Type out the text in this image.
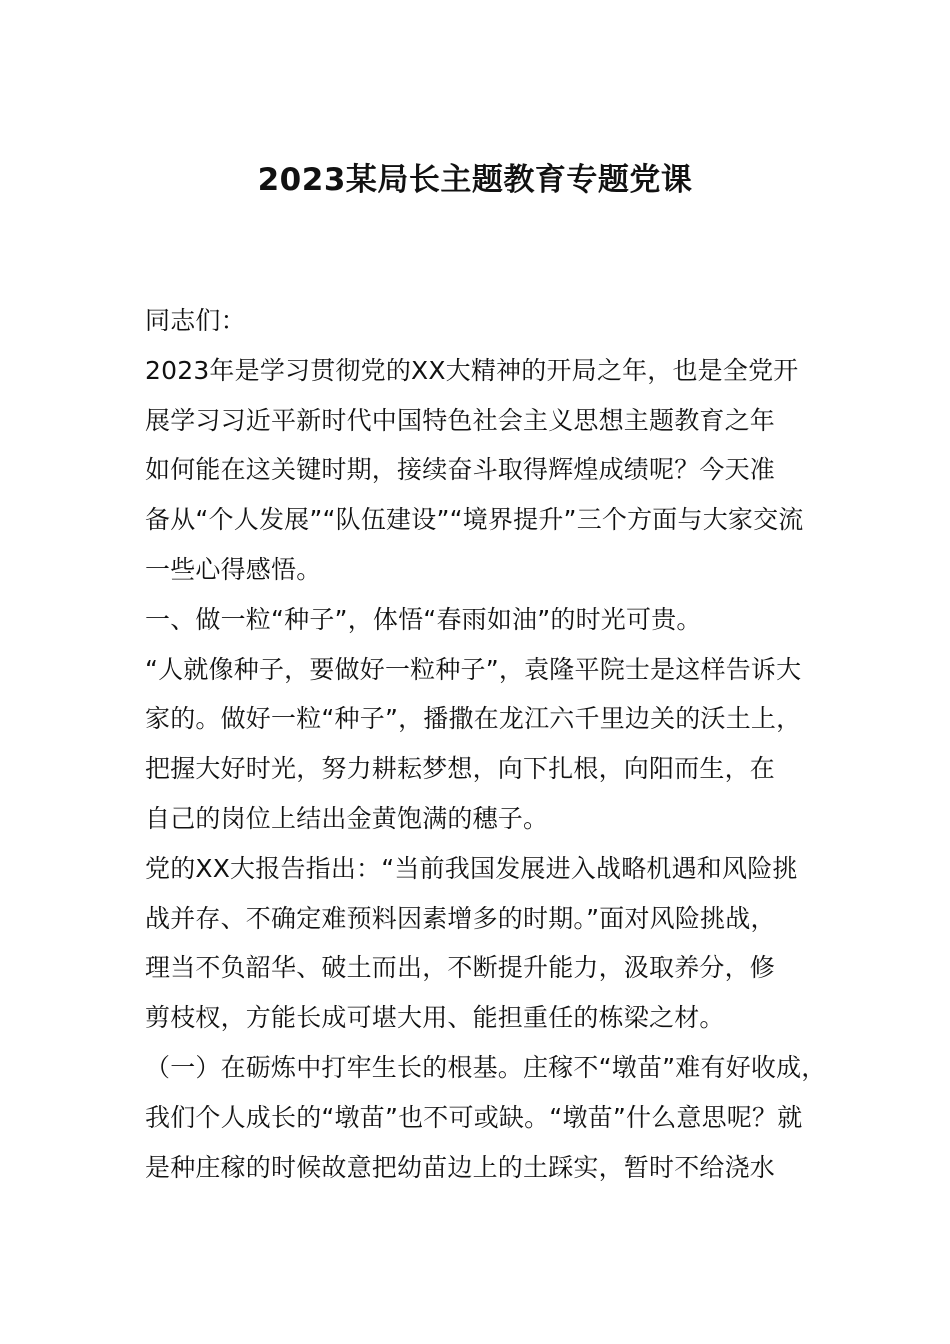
2023某局长主题教育专题党课
同志们：
2023年是学习贯彻党的XX大精神的开局之年，也是全党开
展学习习近平新时代中国特色社会主义思想主题教育之年
如何能在这关键时期，接续奋斗取得辉煌成绩呢？今天准
备从“个人发展”“队伍建设”“境界提升”三个方面与大家交流
一些心得感悟。
一、做一粒“种子”，体悟“春雨如油”的时光可贵。
“人就像种子，要做好一粒种子”，袁隆平院士是这样告诉大
家的。做好一粒“种子”，播撒在龙江六千里边关的沃土上，
把握大好时光，努力耕耘梦想，向下扎根，向阳而生，在
自己的岗位上结出金黄饱满的穗子。
党的XX大报告指出：“当前我国发展进入战略机遇和风险挑
战并存、不确定难预料因素增多的时期。”面对风险挑战，
理当不负韶华、破土而出，不断提升能力，汲取养分，修
剪枝杈，方能长成可堪大用、能担重任的栋梁之材。
（一）在砺炼中打牢生长的根基。庄稼不“墩苗”难有好收成，
我们个人成长的“墩苗”也不可或缺。“墩苗”什么意思呢？就
是种庄稼的时候故意把幼苗边上的土踩实，暂时不给浇水
